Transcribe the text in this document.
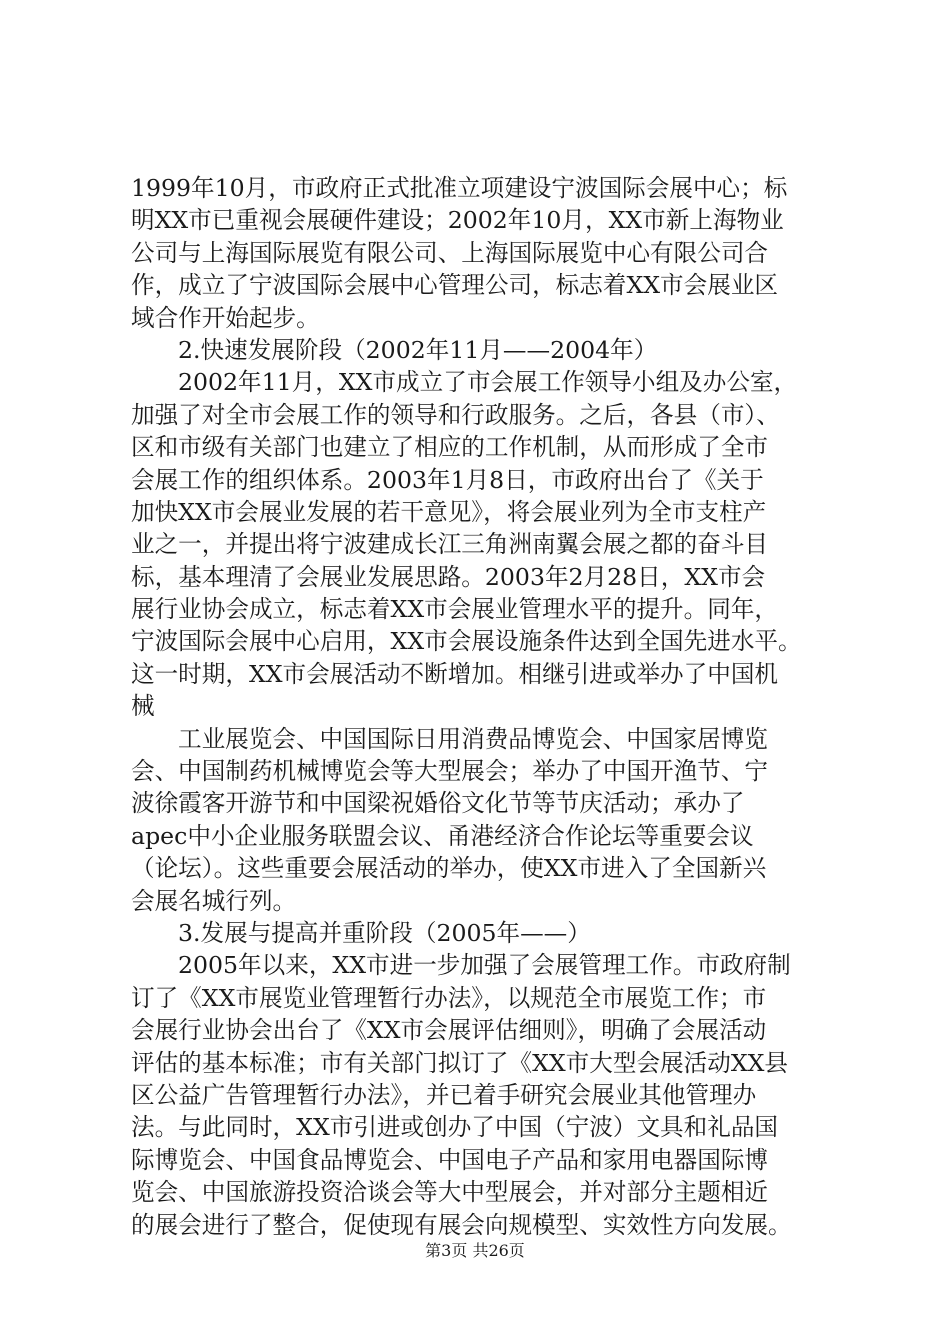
1999年10月，市政府正式批准立项建设宁波国际会展中心；标
明XX市已重视会展硬件建设；2002年10月，XX市新上海物业
公司与上海国际展览有限公司、上海国际展览中心有限公司合
作，成立了宁波国际会展中心管理公司，标志着XX市会展业区
域合作开始起步。
2.快速发展阶段（2002年11月——2004年）
2002年11月，XX市成立了市会展工作领导小组及办公室，
加强了对全市会展工作的领导和行政服务。之后，各县（市）、
区和市级有关部门也建立了相应的工作机制，从而形成了全市
会展工作的组织体系。2003年1月8日，市政府出台了《关于
加快XX市会展业发展的若干意见》，将会展业列为全市支柱产
业之一，并提出将宁波建成长江三角洲南翼会展之都的奋斗目
标，基本理清了会展业发展思路。2003年2月28日，XX市会
展行业协会成立，标志着XX市会展业管理水平的提升。同年，
宁波国际会展中心启用，XX市会展设施条件达到全国先进水平。
这一时期，XX市会展活动不断增加。相继引进或举办了中国机
械
工业展览会、中国国际日用消费品博览会、中国家居博览
会、中国制药机械博览会等大型展会；举办了中国开渔节、宁
波徐霞客开游节和中国梁祝婚俗文化节等节庆活动；承办了
apec中小企业服务联盟会议、甬港经济合作论坛等重要会议
（论坛）。这些重要会展活动的举办，使XX市进入了全国新兴
会展名城行列。
3.发展与提高并重阶段（2005年——）
2005年以来，XX市进一步加强了会展管理工作。市政府制
订了《XX市展览业管理暂行办法》，以规范全市展览工作；市
会展行业协会出台了《XX市会展评估细则》，明确了会展活动
评估的基本标准；市有关部门拟订了《XX市大型会展活动XX县
区公益广告管理暂行办法》，并已着手研究会展业其他管理办
法。与此同时，XX市引进或创办了中国（宁波）文具和礼品国
际博览会、中国食品博览会、中国电子产品和家用电器国际博
览会、中国旅游投资洽谈会等大中型展会，并对部分主题相近
的展会进行了整合，促使现有展会向规模型、实效性方向发展。
第3页 共26页
